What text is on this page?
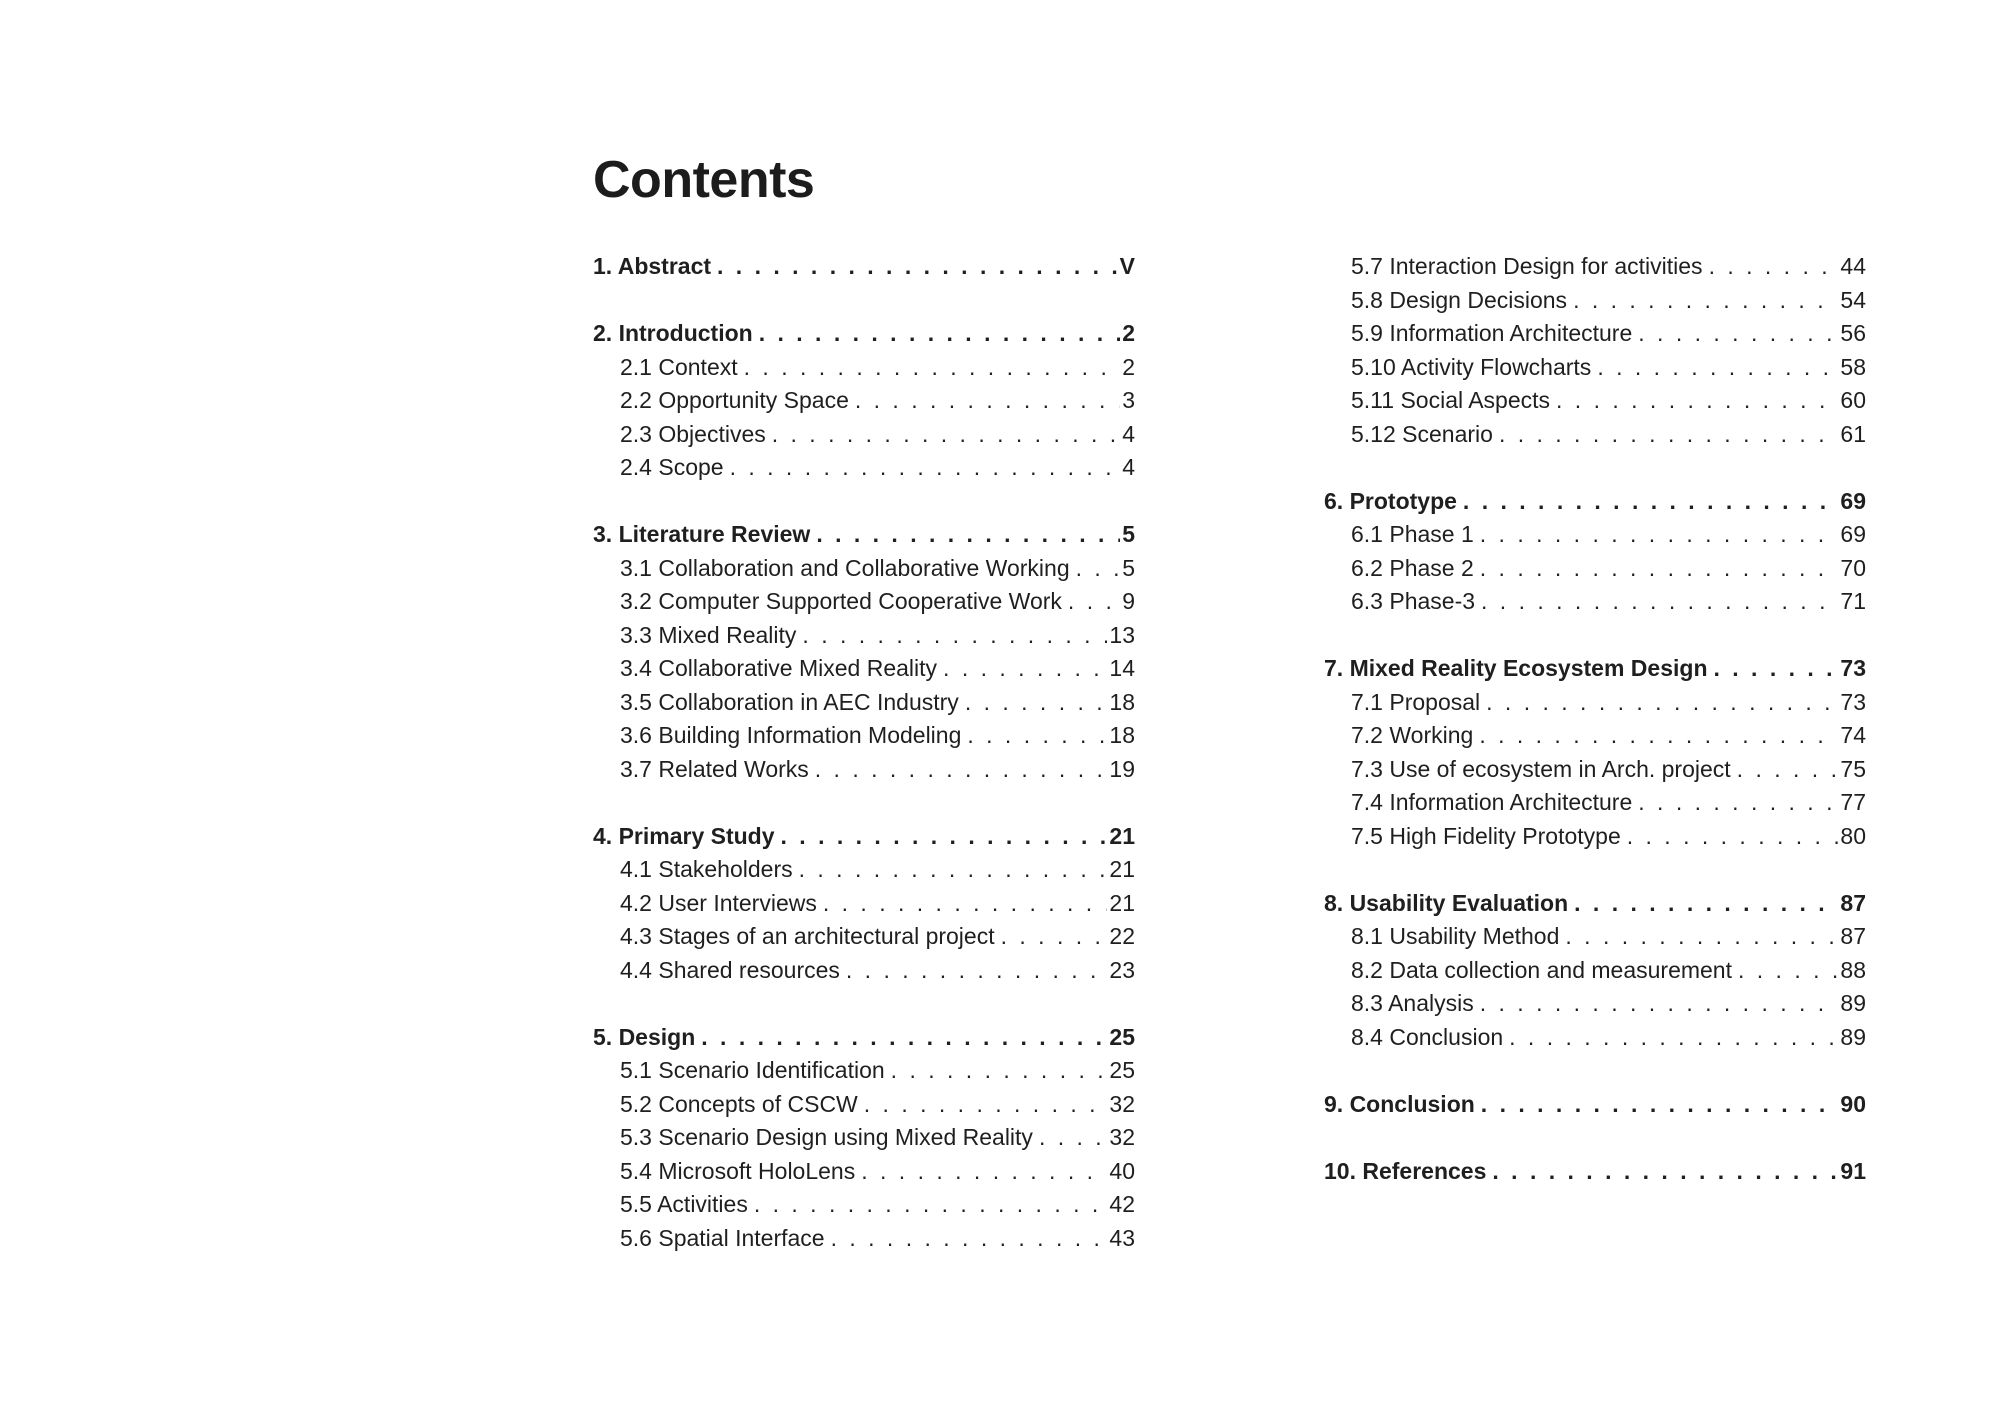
Contents
1. Abstract . . .	V
2. Introduction . . .	2
2.1 Context . . .	2
2.2 Opportunity Space . . .	3
2.3 Objectives . . .	4
2.4 Scope . . .	4
3. Literature Review . . .	5
3.1 Collaboration and Collaborative Working . . . 5
3.2 Computer Supported Cooperative Work . . .	9
3.3 Mixed Reality . . .	13
3.4 Collaborative Mixed Reality . . .	14
3.5 Collaboration in AEC Industry . . .	18
3.6 Building Information Modeling . . .	18
3.7 Related Works . . .	19
4. Primary Study . . .	21
4.1 Stakeholders . . .	21
4.2 User Interviews . . .	21
4.3 Stages of an architectural project . . .	22
4.4 Shared resources . . .	23
5. Design . . .	25
5.1 Scenario Identification . . .	25
5.2 Concepts of CSCW . . .	32
5.3 Scenario Design using Mixed Reality . . .	32
5.4 Microsoft HoloLens . . .	40
5.5 Activities . . .	42
5.6 Spatial Interface . . .	43
5.7 Interaction Design for activities . . .	44
5.8 Design Decisions . . .	54
5.9 Information Architecture . . .	56
5.10 Activity Flowcharts . . .	58
5.11 Social Aspects . . .	60
5.12 Scenario . . .	61
6. Prototype . . .	69
6.1 Phase 1 . . .	69
6.2 Phase 2 . . .	70
6.3 Phase-3 . . .	71
7. Mixed Reality Ecosystem Design . . .	73
7.1 Proposal . . .	73
7.2 Working . . .	74
7.3 Use of ecosystem in Arch. project . . .	75
7.4 Information Architecture . . .	77
7.5 High Fidelity Prototype . . .	80
8. Usability Evaluation . . .	87
8.1 Usability Method . . .	87
8.2 Data collection and measurement . . .	88
8.3 Analysis . . .	89
8.4 Conclusion . . .	89
9. Conclusion . . .	90
10. References . . .	91
